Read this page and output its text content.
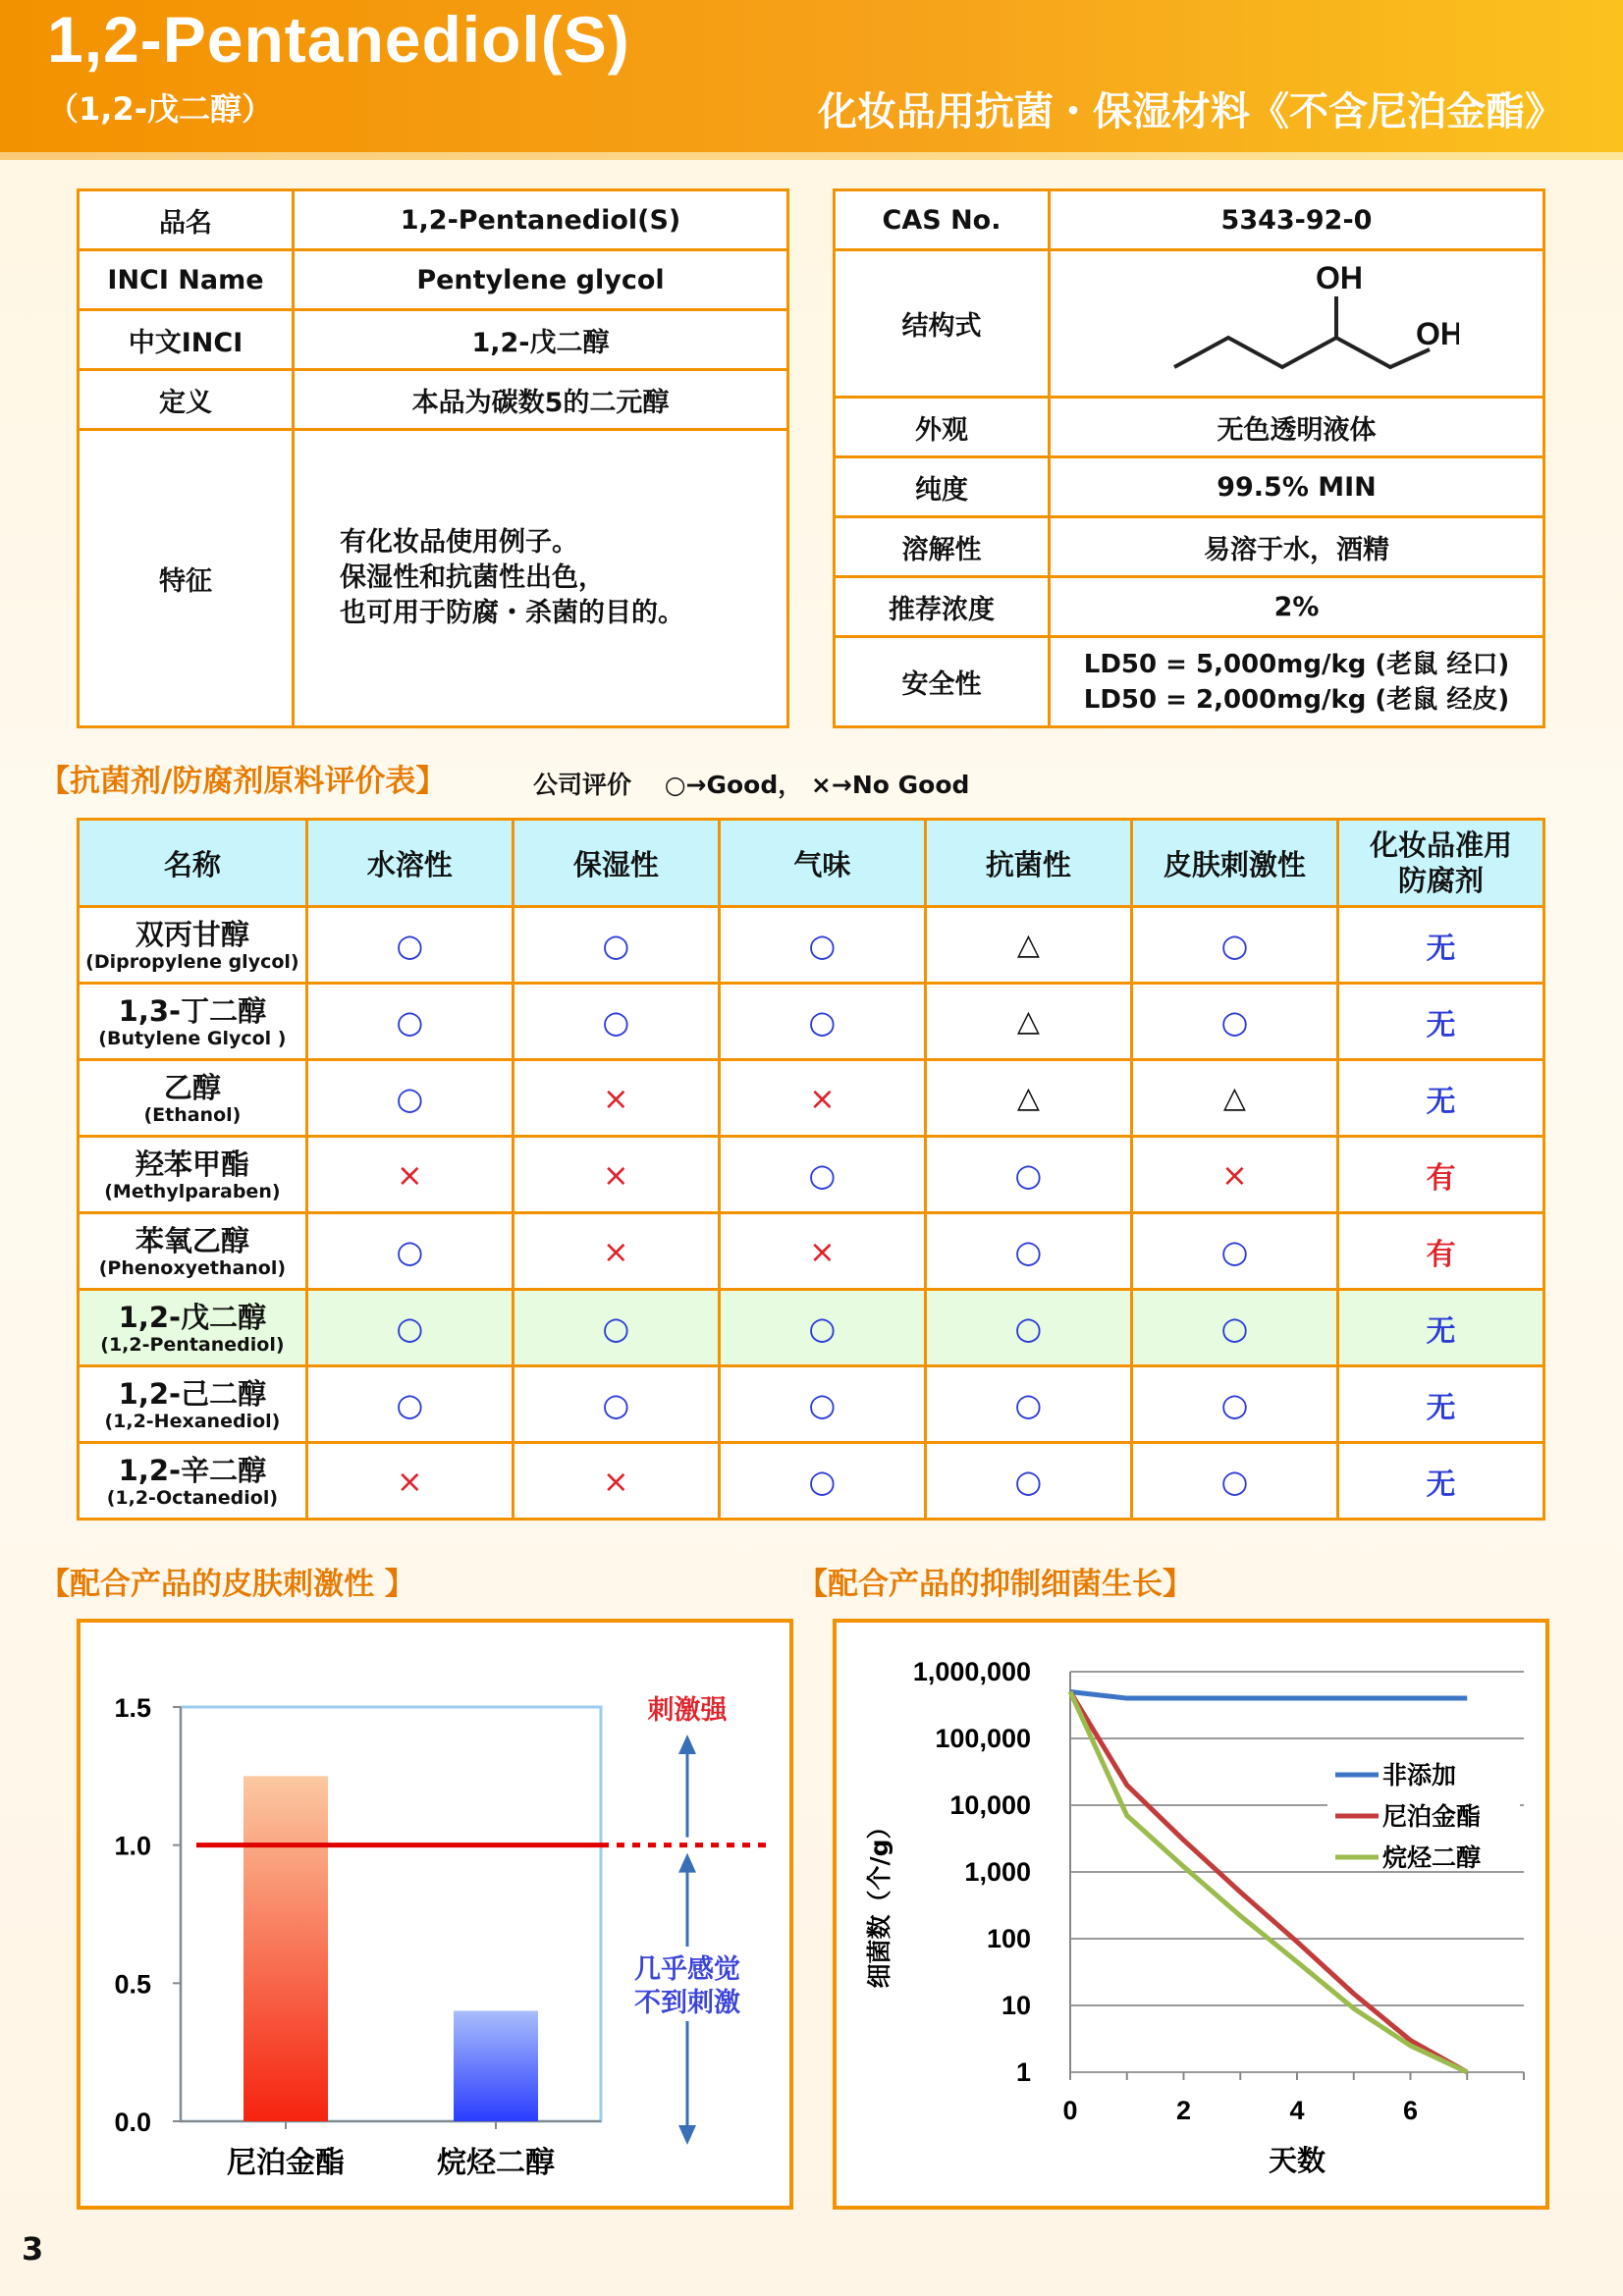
1,2-Pentanediol(S)
（1,2-戊二醇）	化妆品用抗菌・保湿材料《不含尼泊金酯》
品名	1,2-Pentanediol(S)
INCI Name	Pentylene glycol
中文INCI	1,2-戊二醇
定义	本品为碳数5的二元醇
特征	有化妆品使用例子。
保湿性和抗菌性出色，
也可用于防腐・杀菌的目的。
CAS No.	5343-92-0
结构式	OH
OH

外观	无色透明液体
纯度	99.5% MIN
溶解性	易溶于水，酒精
推荐浓度	2%
安全性	LD50 = 5,000mg/kg (老鼠 经口)
LD50 = 2,000mg/kg (老鼠 经皮)
【抗菌剂/防腐剂原料评价表】	公司评价　 ○→Good， ×→No Good
名称	水溶性	保湿性	气味	抗菌性	皮肤刺激性	化妆品准用
防腐剂

双丙甘醇
(Dipropylene glycol)	○	○	○	△	○	无

1,3-丁二醇
(Butylene Glycol )	○	○	○	△	○	无

乙醇
(Ethanol)	○	×	×	△	△	无

羟苯甲酯
(Methylparaben)	×	×	○	○	×	有

苯氧乙醇
(Phenoxyethanol)	○	×	×	○	○	有

1,2-戊二醇
(1,2-Pentanediol)	○	○	○	○	○	无

1,2-己二醇
(1,2-Hexanediol)	○	○	○	○	○	无

1,2-辛二醇
(1,2-Octanediol)	×	×	○	○	○	无
【配合产品的皮肤刺激性 】	【配合产品的抑制细菌生长】
0.0
0.5
1.0
1.5
尼泊金酯	烷烃二醇
刺激强
几乎感觉
不到刺激
1
10
100
1,000
10,000
100,000
1,000,000
0	2	4	6
天数
细菌数（个/g）
非添加
尼泊金酯
烷烃二醇
3
